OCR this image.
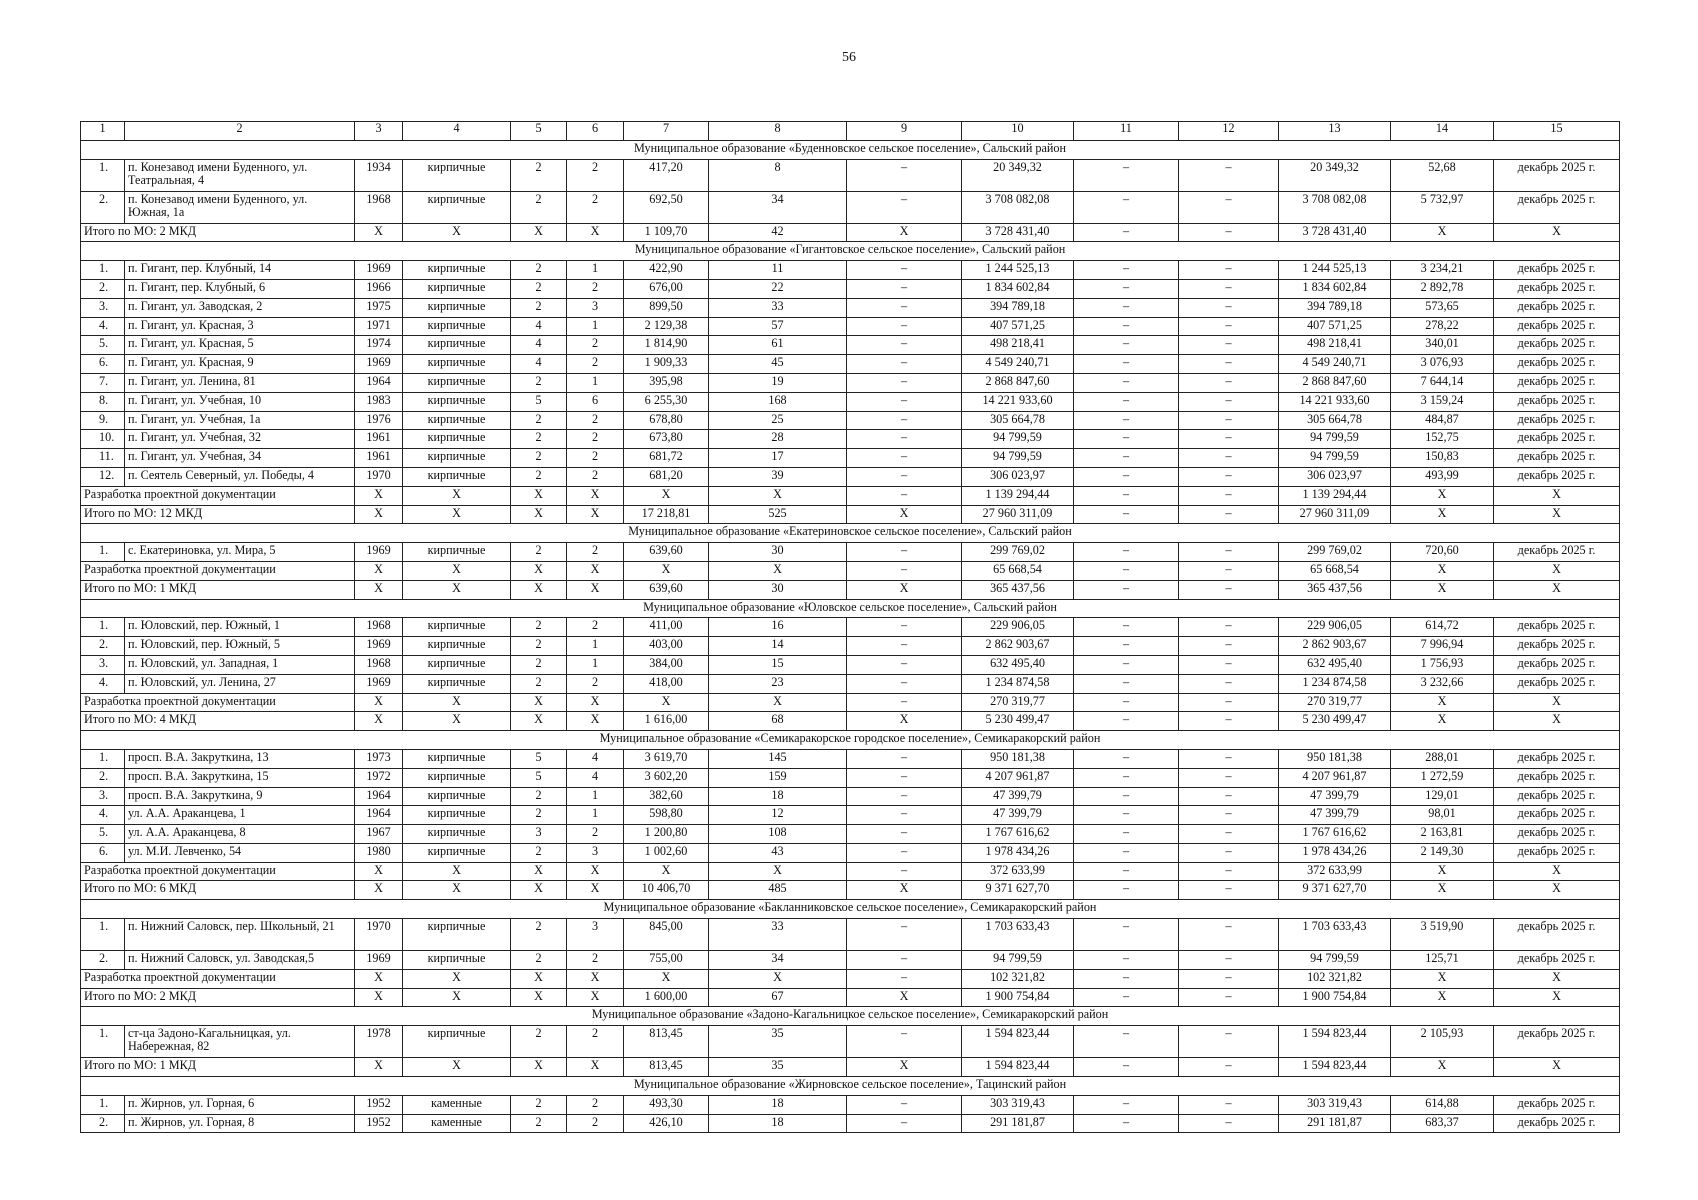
56
1	2	3	4	5	6	7	8	9	10	11	12	13	14	15
Муниципальное образование «Буденновское сельское поселение», Сальский район														
1.	п. Конезавод имени Буденного, ул. Театральная, 4	1934	кирпичные	2	2	417,20	8	–	20 349,32	–	–	20 349,32	52,68	декабрь 2025 г.
2.	п. Конезавод имени Буденного, ул. Южная, 1а	1968	кирпичные	2	2	692,50	34	–	3 708 082,08	–	–	3 708 082,08	5 732,97	декабрь 2025 г.
Итого по МО: 2 МКД		X	X	X	X	1 109,70	42	X	3 728 431,40	–	–	3 728 431,40	X	X
Муниципальное образование «Гигантовское сельское поселение», Сальский район														
1.	п. Гигант, пер. Клубный, 14	1969	кирпичные	2	1	422,90	11	–	1 244 525,13	–	–	1 244 525,13	3 234,21	декабрь 2025 г.
2.	п. Гигант, пер. Клубный, 6	1966	кирпичные	2	2	676,00	22	–	1 834 602,84	–	–	1 834 602,84	2 892,78	декабрь 2025 г.
3.	п. Гигант, ул. Заводская, 2	1975	кирпичные	2	3	899,50	33	–	394 789,18	–	–	394 789,18	573,65	декабрь 2025 г.
4.	п. Гигант, ул. Красная, 3	1971	кирпичные	4	1	2 129,38	57	–	407 571,25	–	–	407 571,25	278,22	декабрь 2025 г.
5.	п. Гигант, ул. Красная, 5	1974	кирпичные	4	2	1 814,90	61	–	498 218,41	–	–	498 218,41	340,01	декабрь 2025 г.
6.	п. Гигант, ул. Красная, 9	1969	кирпичные	4	2	1 909,33	45	–	4 549 240,71	–	–	4 549 240,71	3 076,93	декабрь 2025 г.
7.	п. Гигант, ул. Ленина, 81	1964	кирпичные	2	1	395,98	19	–	2 868 847,60	–	–	2 868 847,60	7 644,14	декабрь 2025 г.
8.	п. Гигант, ул. Учебная, 10	1983	кирпичные	5	6	6 255,30	168	–	14 221 933,60	–	–	14 221 933,60	3 159,24	декабрь 2025 г.
9.	п. Гигант, ул. Учебная, 1а	1976	кирпичные	2	2	678,80	25	–	305 664,78	–	–	305 664,78	484,87	декабрь 2025 г.
10.	п. Гигант, ул. Учебная, 32	1961	кирпичные	2	2	673,80	28	–	94 799,59	–	–	94 799,59	152,75	декабрь 2025 г.
11.	п. Гигант, ул. Учебная, 34	1961	кирпичные	2	2	681,72	17	–	94 799,59	–	–	94 799,59	150,83	декабрь 2025 г.
12.	п. Сеятель Северный, ул. Победы, 4	1970	кирпичные	2	2	681,20	39	–	306 023,97	–	–	306 023,97	493,99	декабрь 2025 г.
Разработка проектной документации		X	X	X	X	X	X	–	1 139 294,44	–	–	1 139 294,44	X	X
Итого по МО: 12 МКД		X	X	X	X	17 218,81	525	X	27 960 311,09	–	–	27 960 311,09	X	X
Муниципальное образование «Екатериновское сельское поселение», Сальский район														
1.	с. Екатериновка, ул. Мира, 5	1969	кирпичные	2	2	639,60	30	–	299 769,02	–	–	299 769,02	720,60	декабрь 2025 г.
Разработка проектной документации		X	X	X	X	X	X	–	65 668,54	–	–	65 668,54	X	X
Итого по МО: 1 МКД		X	X	X	X	639,60	30	X	365 437,56	–	–	365 437,56	X	X
Муниципальное образование «Юловское сельское поселение», Сальский район														
1.	п. Юловский, пер. Южный, 1	1968	кирпичные	2	2	411,00	16	–	229 906,05	–	–	229 906,05	614,72	декабрь 2025 г.
2.	п. Юловский, пер. Южный, 5	1969	кирпичные	2	1	403,00	14	–	2 862 903,67	–	–	2 862 903,67	7 996,94	декабрь 2025 г.
3.	п. Юловский, ул. Западная, 1	1968	кирпичные	2	1	384,00	15	–	632 495,40	–	–	632 495,40	1 756,93	декабрь 2025 г.
4.	п. Юловский, ул. Ленина, 27	1969	кирпичные	2	2	418,00	23	–	1 234 874,58	–	–	1 234 874,58	3 232,66	декабрь 2025 г.
Разработка проектной документации		X	X	X	X	X	X	–	270 319,77	–	–	270 319,77	X	X
Итого по МО: 4 МКД		X	X	X	X	1 616,00	68	X	5 230 499,47	–	–	5 230 499,47	X	X
Муниципальное образование «Семикаракорское городское поселение», Семикаракорский район														
1.	просп. В.А. Закруткина, 13	1973	кирпичные	5	4	3 619,70	145	–	950 181,38	–	–	950 181,38	288,01	декабрь 2025 г.
2.	просп. В.А. Закруткина, 15	1972	кирпичные	5	4	3 602,20	159	–	4 207 961,87	–	–	4 207 961,87	1 272,59	декабрь 2025 г.
3.	просп. В.А. Закруткина, 9	1964	кирпичные	2	1	382,60	18	–	47 399,79	–	–	47 399,79	129,01	декабрь 2025 г.
4.	ул. А.А. Араканцева, 1	1964	кирпичные	2	1	598,80	12	–	47 399,79	–	–	47 399,79	98,01	декабрь 2025 г.
5.	ул. А.А. Араканцева, 8	1967	кирпичные	3	2	1 200,80	108	–	1 767 616,62	–	–	1 767 616,62	2 163,81	декабрь 2025 г.
6.	ул. М.И. Левченко, 54	1980	кирпичные	2	3	1 002,60	43	–	1 978 434,26	–	–	1 978 434,26	2 149,30	декабрь 2025 г.
Разработка проектной документации		X	X	X	X	X	X	–	372 633,99	–	–	372 633,99	X	X
Итого по МО: 6 МКД		X	X	X	X	10 406,70	485	X	9 371 627,70	–	–	9 371 627,70	X	X
Муниципальное образование «Бакланниковское сельское поселение», Семикаракорский район														
1.	п. Нижний Саловск, пер. Школьный, 21	1970	кирпичные	2	3	845,00	33	–	1 703 633,43	–	–	1 703 633,43	3 519,90	декабрь 2025 г.
2.	п. Нижний Саловск, ул. Заводская,5	1969	кирпичные	2	2	755,00	34	–	94 799,59	–	–	94 799,59	125,71	декабрь 2025 г.
Разработка проектной документации		X	X	X	X	X	X	–	102 321,82	–	–	102 321,82	X	X
Итого по МО: 2 МКД		X	X	X	X	1 600,00	67	X	1 900 754,84	–	–	1 900 754,84	X	X
Муниципальное образование «Задоно-Кагальницкое сельское поселение», Семикаракорский район														
1.	ст-ца Задоно-Кагальницкая, ул. Набережная, 82	1978	кирпичные	2	2	813,45	35	–	1 594 823,44	–	–	1 594 823,44	2 105,93	декабрь 2025 г.
Итого по МО: 1 МКД		X	X	X	X	813,45	35	X	1 594 823,44	–	–	1 594 823,44	X	X
Муниципальное образование «Жирновское сельское поселение», Тацинский район														
1.	п. Жирнов, ул. Горная, 6	1952	каменные	2	2	493,30	18	–	303 319,43	–	–	303 319,43	614,88	декабрь 2025 г.
2.	п. Жирнов, ул. Горная, 8	1952	каменные	2	2	426,10	18	–	291 181,87	–	–	291 181,87	683,37	декабрь 2025 г.
